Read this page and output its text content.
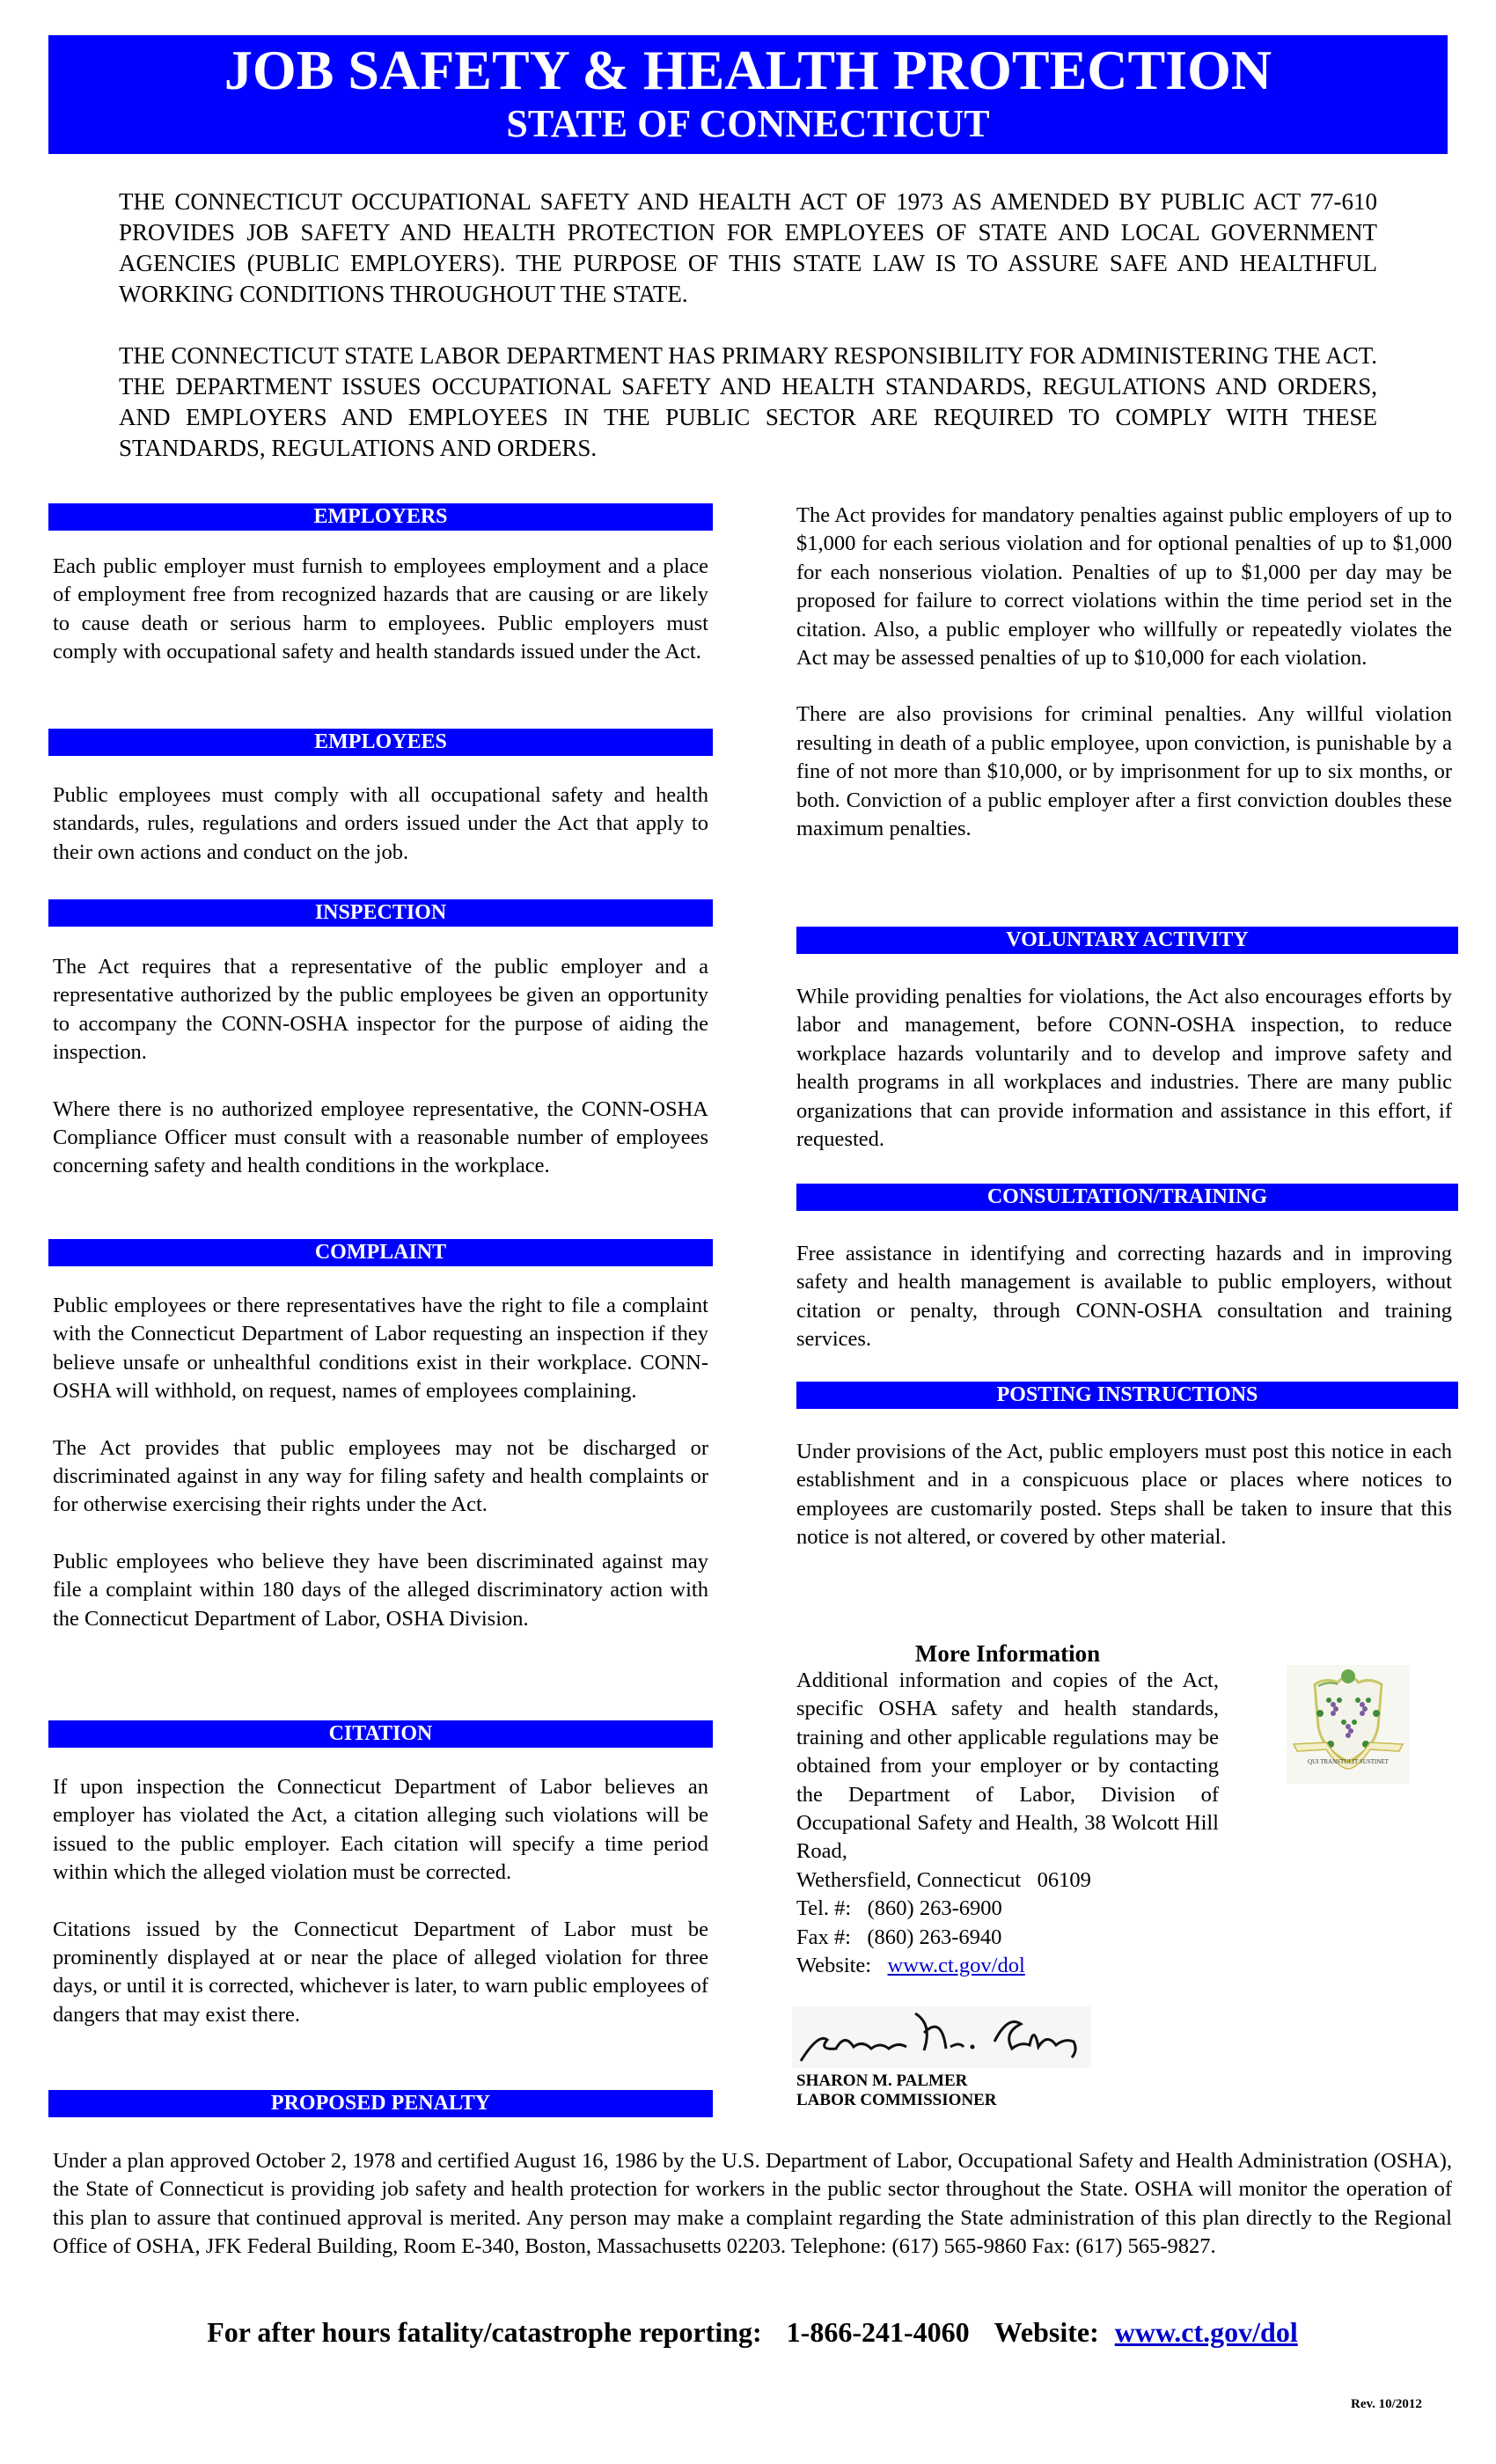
JOB SAFETY & HEALTH PROTECTION
STATE OF CONNECTICUT

THE CONNECTICUT OCCUPATIONAL SAFETY AND HEALTH ACT OF 1973 AS AMENDED BY PUBLIC ACT 77-610 PROVIDES JOB SAFETY AND HEALTH PROTECTION FOR EMPLOYEES OF STATE AND LOCAL GOVERNMENT AGENCIES (PUBLIC EMPLOYERS). THE PURPOSE OF THIS STATE LAW IS TO ASSURE SAFE AND HEALTHFUL WORKING CONDITIONS THROUGHOUT THE STATE.

THE CONNECTICUT STATE LABOR DEPARTMENT HAS PRIMARY RESPONSIBILITY FOR ADMINISTERING THE ACT. THE DEPARTMENT ISSUES OCCUPATIONAL SAFETY AND HEALTH STANDARDS, REGULATIONS AND ORDERS, AND EMPLOYERS AND EMPLOYEES IN THE PUBLIC SECTOR ARE REQUIRED TO COMPLY WITH THESE STANDARDS, REGULATIONS AND ORDERS.

EMPLOYERS

Each public employer must furnish to employees employment and a place of employment free from recognized hazards that are causing or are likely to cause death or serious harm to employees. Public employers must comply with occupational safety and health standards issued under the Act.

EMPLOYEES

Public employees must comply with all occupational safety and health standards, rules, regulations and orders issued under the Act that apply to their own actions and conduct on the job.

INSPECTION

The Act requires that a representative of the public employer and a representative authorized by the public employees be given an opportunity to accompany the CONN-OSHA inspector for the purpose of aiding the inspection.

Where there is no authorized employee representative, the CONN-OSHA Compliance Officer must consult with a reasonable number of employees concerning safety and health conditions in the workplace.

COMPLAINT

Public employees or there representatives have the right to file a complaint with the Connecticut Department of Labor requesting an inspection if they believe unsafe or unhealthful conditions exist in their workplace. CONN-OSHA will withhold, on request, names of employees complaining.

The Act provides that public employees may not be discharged or discriminated against in any way for filing safety and health complaints or for otherwise exercising their rights under the Act.

Public employees who believe they have been discriminated against may file a complaint within 180 days of the alleged discriminatory action with the Connecticut Department of Labor, OSHA Division.

CITATION

If upon inspection the Connecticut Department of Labor believes an employer has violated the Act, a citation alleging such violations will be issued to the public employer. Each citation will specify a time period within which the alleged violation must be corrected.

Citations issued by the Connecticut Department of Labor must be prominently displayed at or near the place of alleged violation for three days, or until it is corrected, whichever is later, to warn public employees of dangers that may exist there.

PROPOSED PENALTY

The Act provides for mandatory penalties against public employers of up to $1,000 for each serious violation and for optional penalties of up to $1,000 for each nonserious violation. Penalties of up to $1,000 per day may be proposed for failure to correct violations within the time period set in the citation. Also, a public employer who willfully or repeatedly violates the Act may be assessed penalties of up to $10,000 for each violation.

There are also provisions for criminal penalties. Any willful violation resulting in death of a public employee, upon conviction, is punishable by a fine of not more than $10,000, or by imprisonment for up to six months, or both. Conviction of a public employer after a first conviction doubles these maximum penalties.

VOLUNTARY ACTIVITY

While providing penalties for violations, the Act also encourages efforts by labor and management, before CONN-OSHA inspection, to reduce workplace hazards voluntarily and to develop and improve safety and health programs in all workplaces and industries. There are many public organizations that can provide information and assistance in this effort, if requested.

CONSULTATION/TRAINING

Free assistance in identifying and correcting hazards and in improving safety and health management is available to public employers, without citation or penalty, through CONN-OSHA consultation and training services.

POSTING INSTRUCTIONS

Under provisions of the Act, public employers must post this notice in each establishment and in a conspicuous place or places where notices to employees are customarily posted. Steps shall be taken to insure that this notice is not altered, or covered by other material.

More Information
Additional information and copies of the Act, specific OSHA safety and health standards, training and other applicable regulations may be obtained from your employer or by contacting the Department of Labor, Division of Occupational Safety and Health, 38 Wolcott Hill Road,
Wethersfield, Connecticut   06109
Tel. #: (860) 263-6900
Fax #: (860) 263-6940
Website: www.ct.gov/dol
QUI TRANSTULIT SUSTINET
SHARON M. PALMER
LABOR COMMISSIONER
Under a plan approved October 2, 1978 and certified August 16, 1986 by the U.S. Department of Labor, Occupational Safety and Health Administration (OSHA), the State of Connecticut is providing job safety and health protection for workers in the public sector throughout the State. OSHA will monitor the operation of this plan to assure that continued approval is merited. Any person may make a complaint regarding the State administration of this plan directly to the Regional Office of OSHA, JFK Federal Building, Room E-340, Boston, Massachusetts 02203. Telephone: (617) 565-9860 Fax: (617) 565-9827.
For after hours fatality/catastrophe reporting: 1-866-241-4060 Website: www.ct.gov/dol
Rev. 10/2012
